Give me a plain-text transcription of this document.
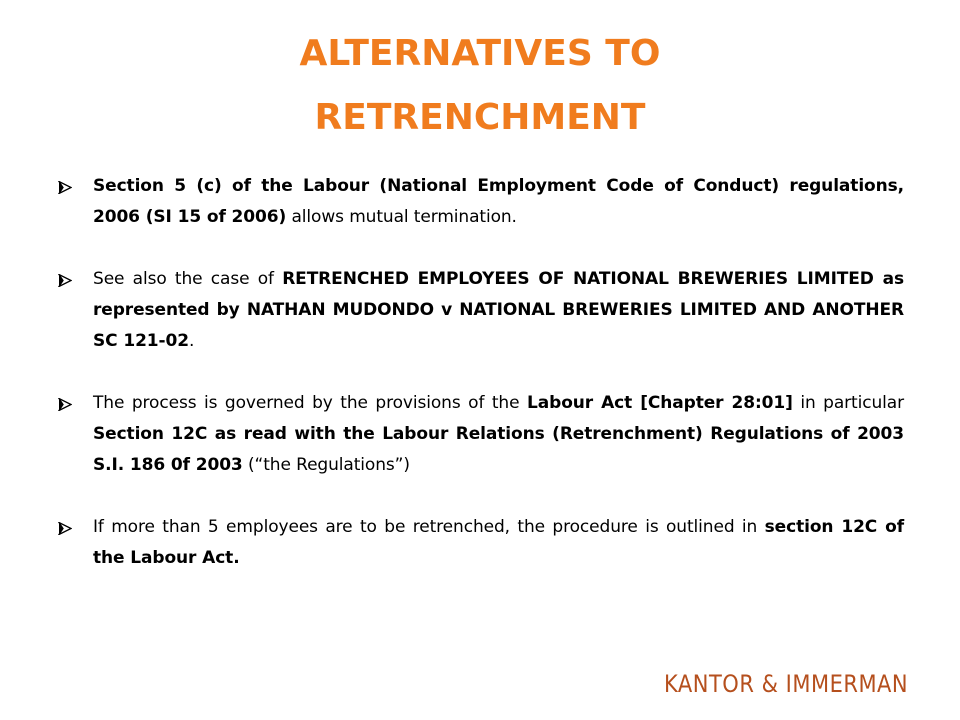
ALTERNATIVES TO
RETRENCHMENT
Section 5 (c) of the Labour (National Employment Code of Conduct) regulations, 2006 (SI 15 of 2006) allows mutual termination.
See also the case of RETRENCHED EMPLOYEES OF NATIONAL BREWERIES LIMITED as represented by NATHAN MUDONDO v NATIONAL BREWERIES LIMITED AND ANOTHER SC 121-02.
The process is governed by the provisions of the Labour Act [Chapter 28:01] in particular Section 12C as read with the Labour Relations (Retrenchment) Regulations of 2003 S.I. 186 0f 2003 (“the Regulations”)
If more than 5 employees are to be retrenched, the procedure is outlined in section 12C of the Labour Act.
KANTOR & IMMERMAN
